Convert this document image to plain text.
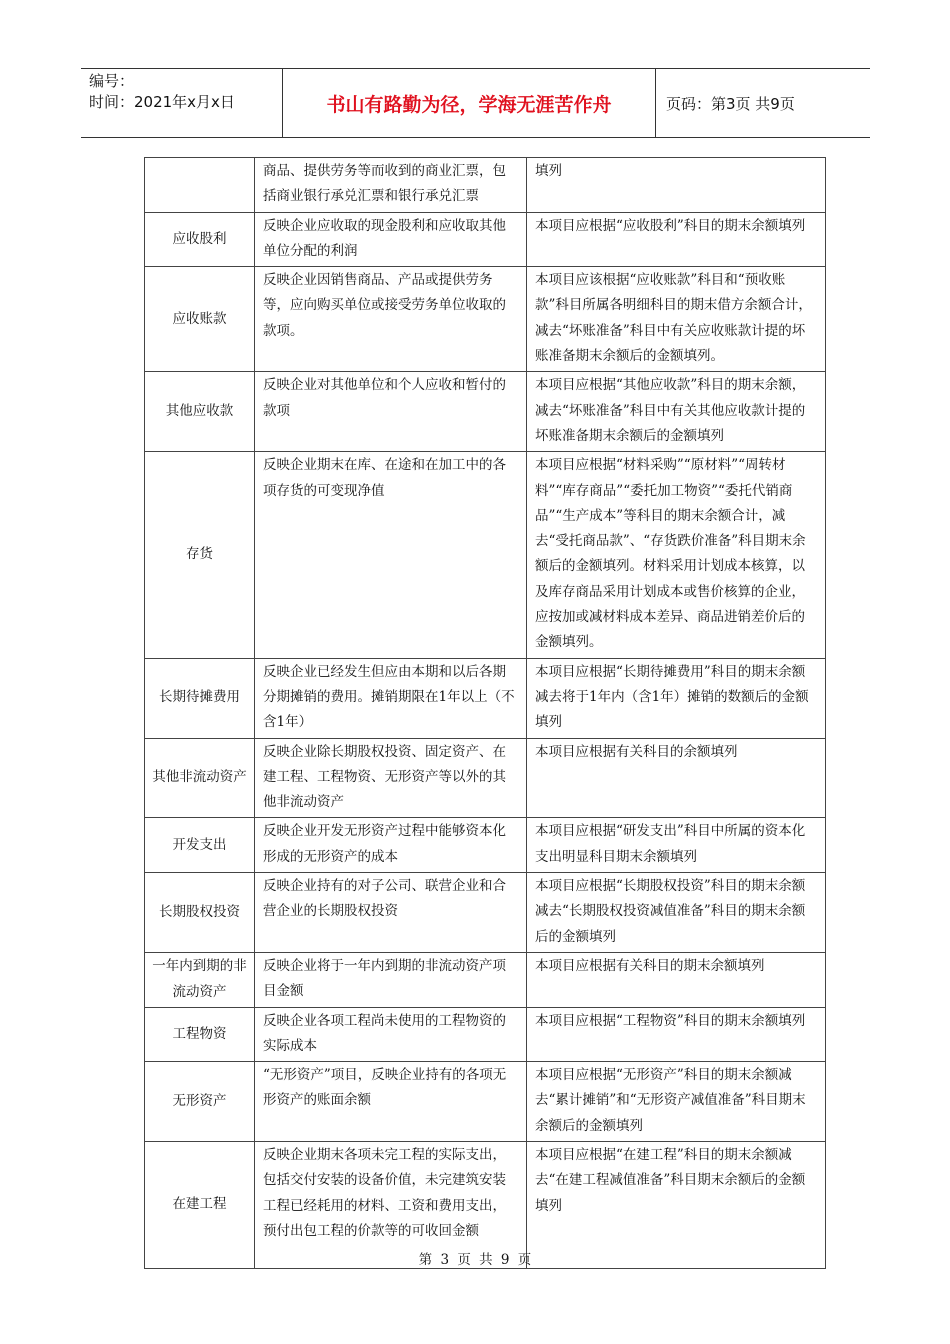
编号：
时间：2021年x月x日	书山有路勤为径，学海无涯苦作舟	页码：第3页 共9页
	商品、提供劳务等而收到的商业汇票，包括商业银行承兑汇票和银行承兑汇票	填列
应收股利	反映企业应收取的现金股利和应收取其他单位分配的利润	本项目应根据“应收股利”科目的期末余额填列
应收账款	反映企业因销售商品、产品或提供劳务等，应向购买单位或接受劳务单位收取的款项。	本项目应该根据“应收账款”科目和“预收账款”科目所属各明细科目的期末借方余额合计，减去“坏账准备”科目中有关应收账款计提的坏账准备期末余额后的金额填列。
其他应收款	反映企业对其他单位和个人应收和暂付的款项	本项目应根据“其他应收款”科目的期末余额，减去“坏账准备”科目中有关其他应收款计提的坏账准备期末余额后的金额填列
存货	反映企业期末在库、在途和在加工中的各项存货的可变现净值	本项目应根据“材料采购”“原材料”“周转材料”“库存商品”“委托加工物资”“委托代销商品”“生产成本”等科目的期末余额合计，减去“受托商品款”、“存货跌价准备”科目期末余额后的金额填列。材料采用计划成本核算，以及库存商品采用计划成本或售价核算的企业，应按加或减材料成本差异、商品进销差价后的金额填列。
长期待摊费用	反映企业已经发生但应由本期和以后各期分期摊销的费用。摊销期限在1年以上（不含1年）	本项目应根据“长期待摊费用”科目的期末余额减去将于1年内（含1年）摊销的数额后的金额填列
其他非流动资产	反映企业除长期股权投资、固定资产、在建工程、工程物资、无形资产等以外的其他非流动资产	本项目应根据有关科目的余额填列
开发支出	反映企业开发无形资产过程中能够资本化形成的无形资产的成本	本项目应根据“研发支出”科目中所属的资本化支出明显科目期末余额填列
长期股权投资	反映企业持有的对子公司、联营企业和合营企业的长期股权投资	本项目应根据“长期股权投资”科目的期末余额减去“长期股权投资减值准备”科目的期末余额后的金额填列
一年内到期的非流动资产	反映企业将于一年内到期的非流动资产项目金额	本项目应根据有关科目的期末余额填列
工程物资	反映企业各项工程尚未使用的工程物资的实际成本	本项目应根据“工程物资”科目的期末余额填列
无形资产	“无形资产”项目，反映企业持有的各项无形资产的账面余额	本项目应根据“无形资产”科目的期末余额减去“累计摊销”和“无形资产减值准备”科目期末余额后的金额填列
在建工程	反映企业期末各项未完工程的实际支出，包括交付安装的设备价值，未完建筑安装工程已经耗用的材料、工资和费用支出，预付出包工程的价款等的可收回金额	本项目应根据“在建工程”科目的期末余额减去“在建工程减值准备”科目期末余额后的金额填列
第 3 页 共 9 页
